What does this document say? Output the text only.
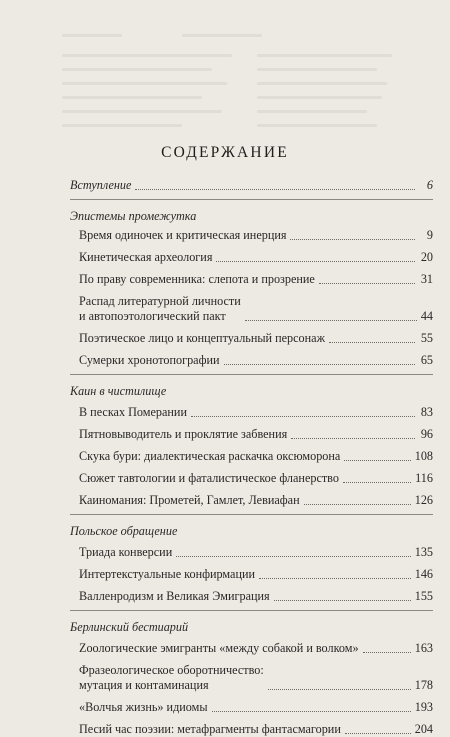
СОДЕРЖАНИЕ
Вступление	6
Эпистемы промежутка
Время одиночек и критическая инерция	9
Кинетическая археология	20
По праву современника: слепота и прозрение	31
Распад литературной личности
и автопоэтологический пакт	44
Поэтическое лицо и концептуальный персонаж	55
Сумерки хронотопографии	65
Каин в чистилище
В песках Померании	83
Пятновыводитель и проклятие забвения	96
Скука бури: диалектическая раскачка оксюморона	108
Сюжет тавтологии и фаталистическое фланерство	116
Каиномания: Прометей, Гамлет, Левиафан	126
Польское обращение
Триада конверсии	135
Интертекстуальные конфирмации	146
Валленродизм и Великая Эмиграция	155
Берлинский бестиарий
Zоологические эмигранты «между собакой и волком»	163
Фразеологическое оборотничество:
мутация и контаминация	178
«Волчья жизнь» идиомы	193
Песий час поэзии: метафрагменты фантасмагории	204
